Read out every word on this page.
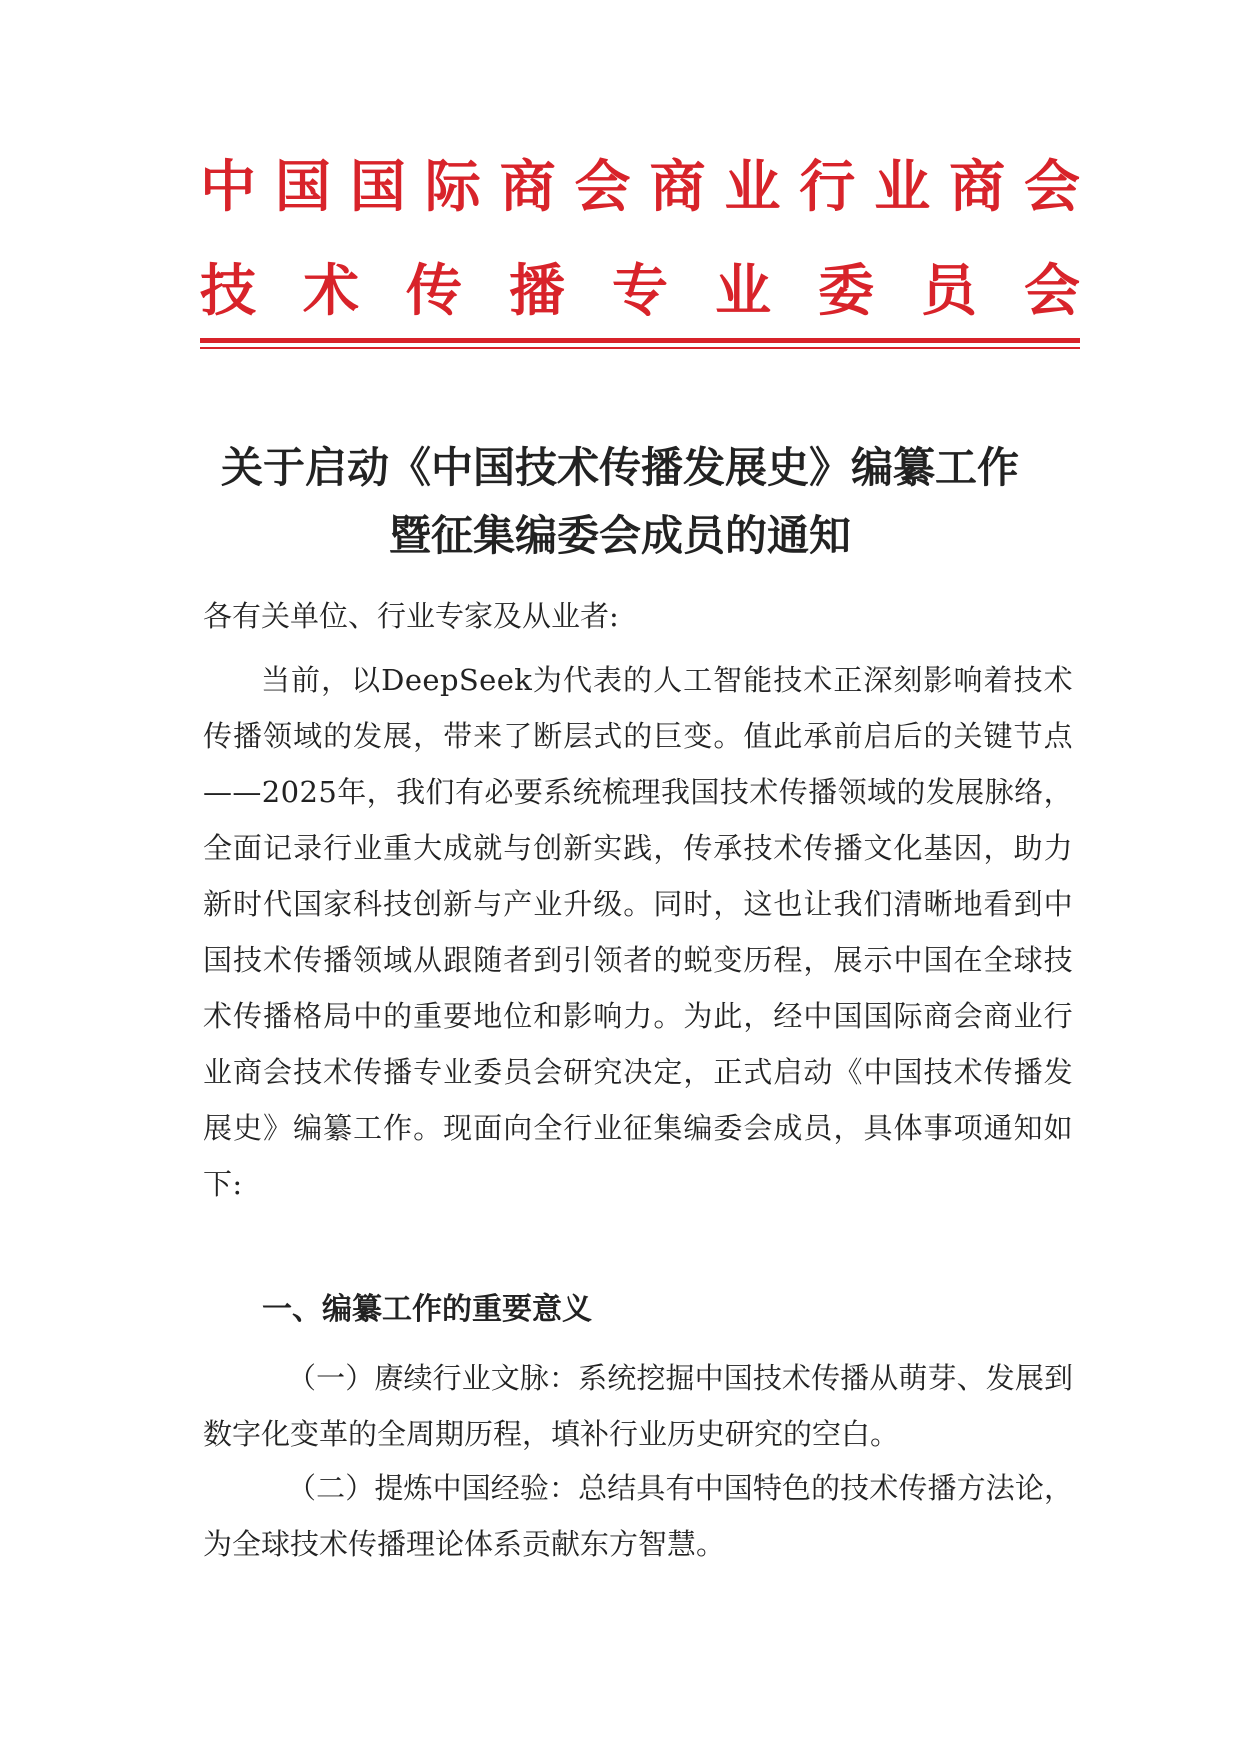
中国国际商会商业行业商会
技术传播专业委员会
关于启动《中国技术传播发展史》编纂工作
暨征集编委会成员的通知

各有关单位、行业专家及从业者:

当前，以DeepSeek为代表的人工智能技术正深刻影响着技术传播领域的发展，带来了断层式的巨变。值此承前启后的关键节点——2025年，我们有必要系统梳理我国技术传播领域的发展脉络，全面记录行业重大成就与创新实践，传承技术传播文化基因，助力新时代国家科技创新与产业升级。同时，这也让我们清晰地看到中国技术传播领域从跟随者到引领者的蜕变历程，展示中国在全球技术传播格局中的重要地位和影响力。为此，经中国国际商会商业行业商会技术传播专业委员会研究决定，正式启动《中国技术传播发展史》编纂工作。现面向全行业征集编委会成员，具体事项通知如下:

一、编纂工作的重要意义

（一）赓续行业文脉：系统挖掘中国技术传播从萌芽、发展到数字化变革的全周期历程，填补行业历史研究的空白。

（二）提炼中国经验：总结具有中国特色的技术传播方法论，为全球技术传播理论体系贡献东方智慧。
